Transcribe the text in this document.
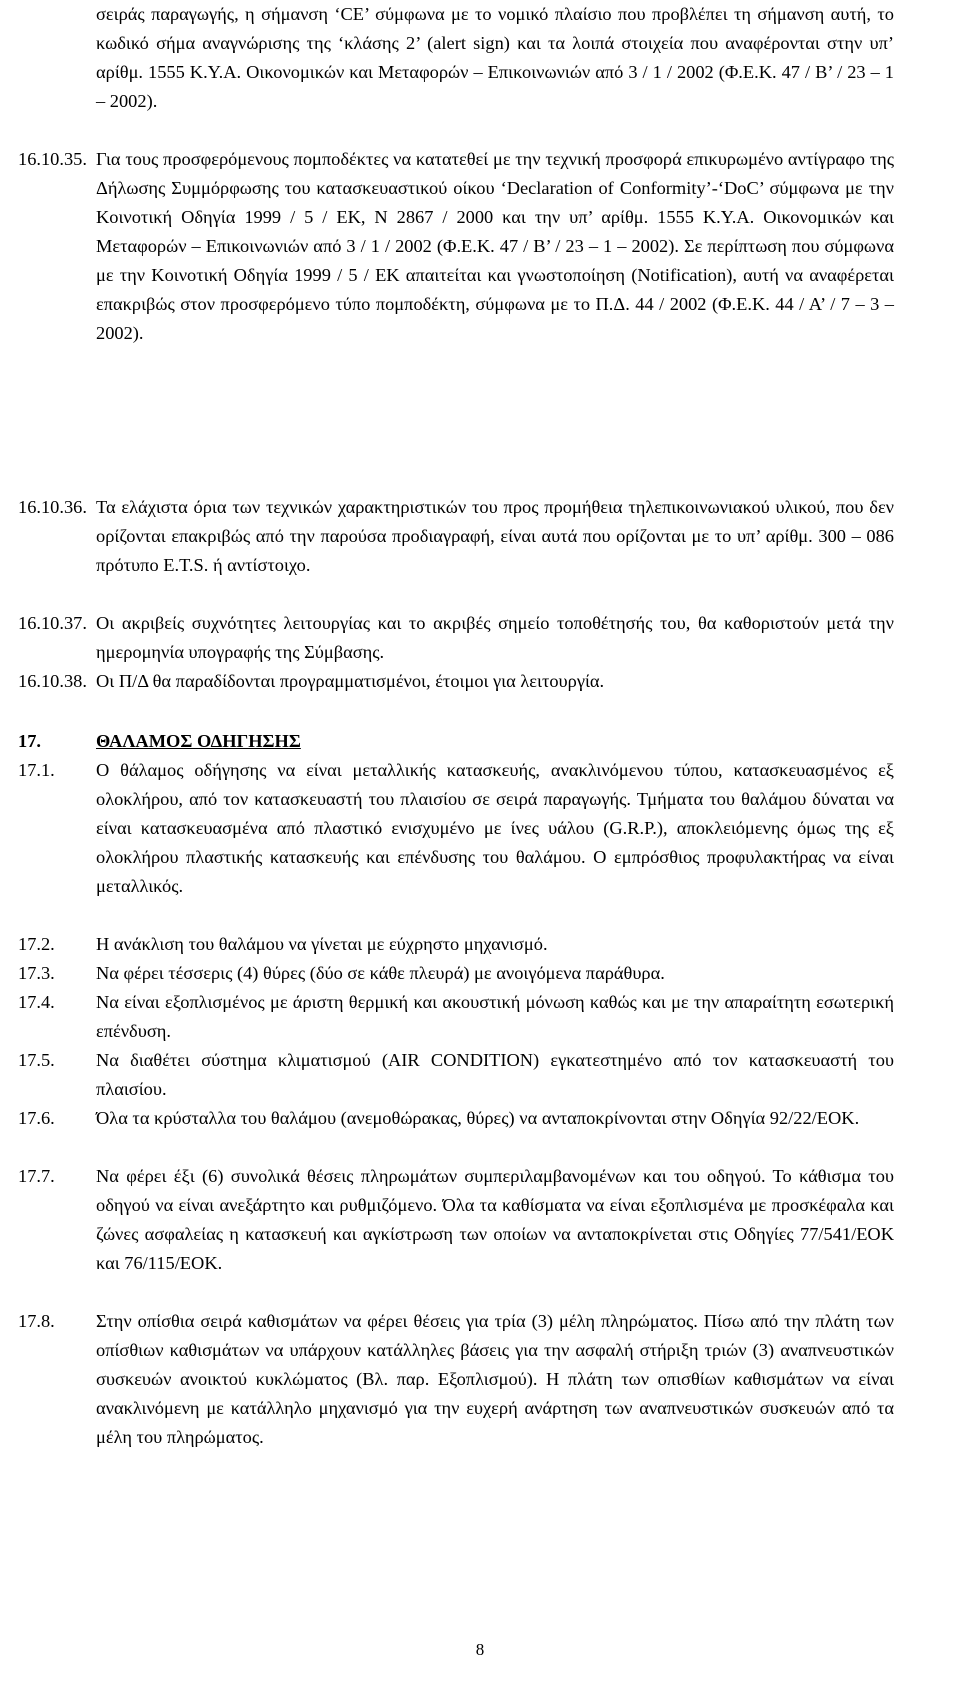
σειράς παραγωγής, η σήμανση ‘CE’ σύμφωνα με το νομικό πλαίσιο που προβλέπει τη σήμανση αυτή, το κωδικό σήμα αναγνώρισης της ‘κλάσης 2’ (alert sign) και τα λοιπά στοιχεία που αναφέρονται στην υπ’ αρίθμ. 1555 Κ.Υ.Α. Οικονομικών και Μεταφορών – Επικοινωνιών από 3 / 1 / 2002 (Φ.Ε.Κ. 47 / Β’ / 23 – 1 – 2002).
16.10.35. Για τους προσφερόμενους πομποδέκτες να κατατεθεί με την τεχνική προσφορά επικυρωμένο αντίγραφο της Δήλωσης Συμμόρφωσης του κατασκευαστικού οίκου ‘Declaration of Conformity’-‘DoC’ σύμφωνα με την Κοινοτική Οδηγία 1999 / 5 / ΕΚ, Ν 2867 / 2000 και την υπ’ αρίθμ. 1555 Κ.Υ.Α. Οικονομικών και Μεταφορών – Επικοινωνιών από 3 / 1 / 2002 (Φ.Ε.Κ. 47 / Β’ / 23 – 1 – 2002). Σε περίπτωση που σύμφωνα με την Κοινοτική Οδηγία 1999 / 5 / ΕΚ απαιτείται και γνωστοποίηση (Notification), αυτή να αναφέρεται επακριβώς στον προσφερόμενο τύπο πομποδέκτη, σύμφωνα με το Π.Δ. 44 / 2002 (Φ.Ε.Κ. 44 / Α’ / 7 – 3 – 2002).
16.10.36. Τα ελάχιστα όρια των τεχνικών χαρακτηριστικών του προς προμήθεια τηλεπικοινωνιακού υλικού, που δεν ορίζονται επακριβώς από την παρούσα προδιαγραφή, είναι αυτά που ορίζονται με το υπ’ αρίθμ. 300 – 086 πρότυπο E.T.S. ή αντίστοιχο.
16.10.37. Οι ακριβείς συχνότητες λειτουργίας και το ακριβές σημείο τοποθέτησής του, θα καθοριστούν μετά την ημερομηνία υπογραφής της Σύμβασης.
16.10.38. Οι Π/Δ θα παραδίδονται προγραμματισμένοι, έτοιμοι για λειτουργία.
17.	ΘΑΛΑΜΟΣ ΟΔΗΓΗΣΗΣ
17.1. Ο θάλαμος οδήγησης να είναι μεταλλικής κατασκευής, ανακλινόμενου τύπου, κατασκευασμένος εξ ολοκλήρου, από τον κατασκευαστή του πλαισίου σε σειρά παραγωγής. Τμήματα του θαλάμου δύναται να είναι κατασκευασμένα από πλαστικό ενισχυμένο με ίνες υάλου (G.R.P.), αποκλειόμενης όμως της εξ ολοκλήρου πλαστικής κατασκευής και επένδυσης του θαλάμου. Ο εμπρόσθιος προφυλακτήρας να είναι μεταλλικός.
17.2. Η ανάκλιση του θαλάμου να γίνεται με εύχρηστο μηχανισμό.
17.3. Να φέρει τέσσερις (4) θύρες (δύο σε κάθε πλευρά) με ανοιγόμενα παράθυρα.
17.4. Να είναι εξοπλισμένος με άριστη θερμική και ακουστική μόνωση καθώς και με την απαραίτητη εσωτερική επένδυση.
17.5. Να διαθέτει σύστημα κλιματισμού (AIR CONDITION) εγκατεστημένο από τον κατασκευαστή του πλαισίου.
17.6. Όλα τα κρύσταλλα του θαλάμου (ανεμοθώρακας, θύρες) να ανταποκρίνονται στην Οδηγία 92/22/ΕΟΚ.
17.7. Να φέρει έξι (6) συνολικά θέσεις πληρωμάτων συμπεριλαμβανομένων και του οδηγού. Το κάθισμα του οδηγού να είναι ανεξάρτητο και ρυθμιζόμενο. Όλα τα καθίσματα να είναι εξοπλισμένα με προσκέφαλα και ζώνες ασφαλείας η κατασκευή και αγκίστρωση των οποίων να ανταποκρίνεται στις Οδηγίες 77/541/ΕΟΚ και 76/115/ΕΟΚ.
17.8. Στην οπίσθια σειρά καθισμάτων να φέρει θέσεις για τρία (3) μέλη πληρώματος. Πίσω από την πλάτη των οπίσθιων καθισμάτων να υπάρχουν κατάλληλες βάσεις για την ασφαλή στήριξη τριών (3) αναπνευστικών συσκευών ανοικτού κυκλώματος (Βλ. παρ. Εξοπλισμού). Η πλάτη των οπισθίων καθισμάτων να είναι ανακλινόμενη με κατάλληλο μηχανισμό για την ευχερή ανάρτηση των αναπνευστικών συσκευών από τα μέλη του πληρώματος.
8
